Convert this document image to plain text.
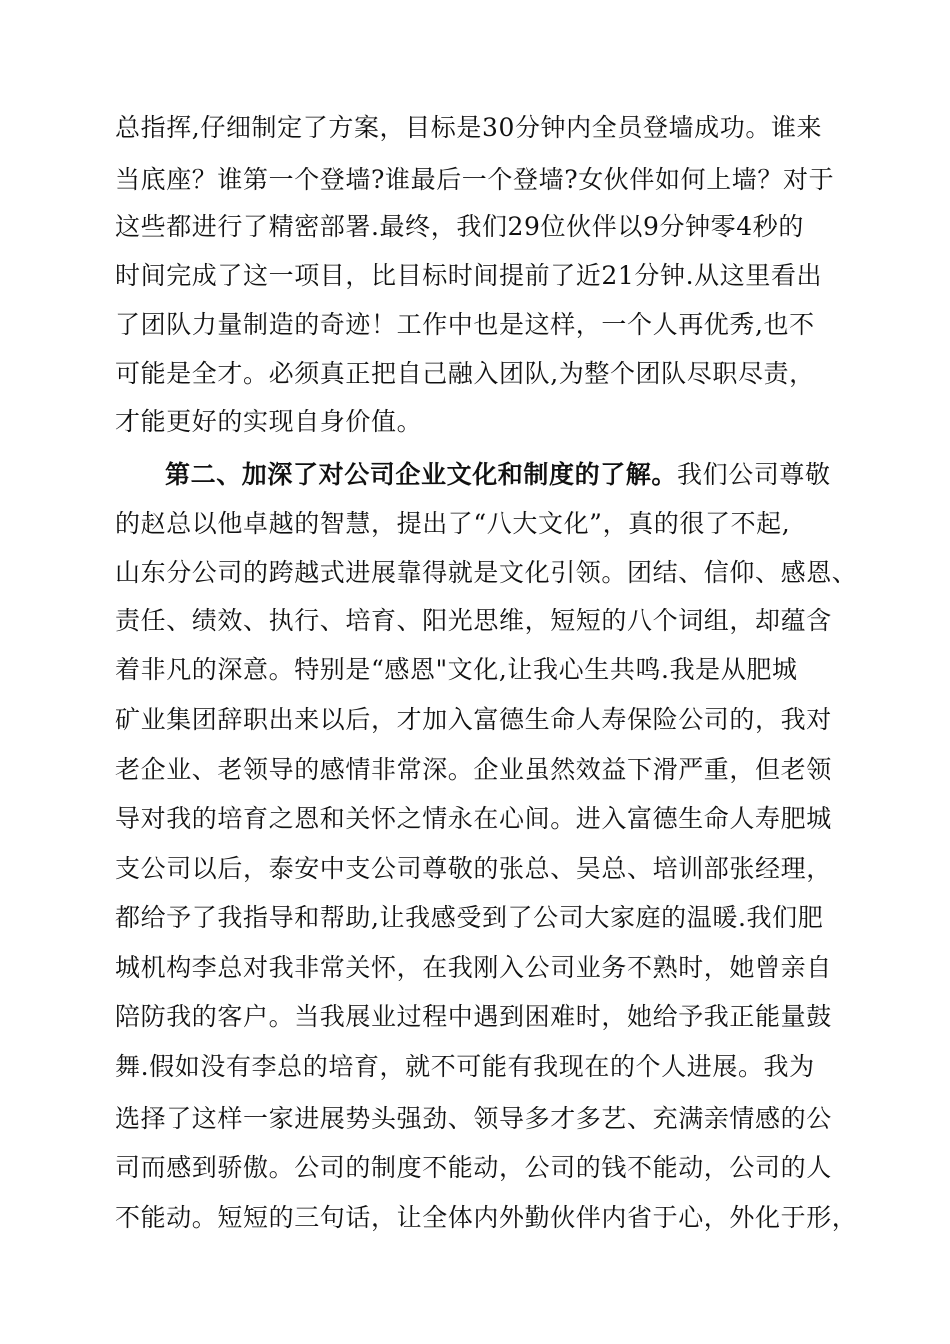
总指挥,仔细制定了方案，目标是30分钟内全员登墙成功。谁来
当底座？谁第一个登墙?谁最后一个登墙?女伙伴如何上墙？对于
这些都进行了精密部署.最终，我们29位伙伴以9分钟零4秒的
时间完成了这一项目，比目标时间提前了近21分钟.从这里看出
了团队力量制造的奇迹！工作中也是这样，一个人再优秀,也不
可能是全才。必须真正把自己融入团队,为整个团队尽职尽责，
才能更好的实现自身价值。
第二、加深了对公司企业文化和制度的了解。我们公司尊敬
的赵总以他卓越的智慧，提出了“八大文化”，真的很了不起,
山东分公司的跨越式进展靠得就是文化引领。团结、信仰、感恩、
责任、绩效、执行、培育、阳光思维，短短的八个词组，却蕴含
着非凡的深意。特别是“感恩"文化,让我心生共鸣.我是从肥城
矿业集团辞职出来以后，才加入富德生命人寿保险公司的，我对
老企业、老领导的感情非常深。企业虽然效益下滑严重，但老领
导对我的培育之恩和关怀之情永在心间。进入富德生命人寿肥城
支公司以后，泰安中支公司尊敬的张总、吴总、培训部张经理，
都给予了我指导和帮助,让我感受到了公司大家庭的温暖.我们肥
城机构李总对我非常关怀，在我刚入公司业务不熟时，她曾亲自
陪防我的客户。当我展业过程中遇到困难时，她给予我正能量鼓
舞.假如没有李总的培育，就不可能有我现在的个人进展。我为
选择了这样一家进展势头强劲、领导多才多艺、充满亲情感的公
司而感到骄傲。公司的制度不能动，公司的钱不能动，公司的人
不能动。短短的三句话，让全体内外勤伙伴内省于心，外化于形，
